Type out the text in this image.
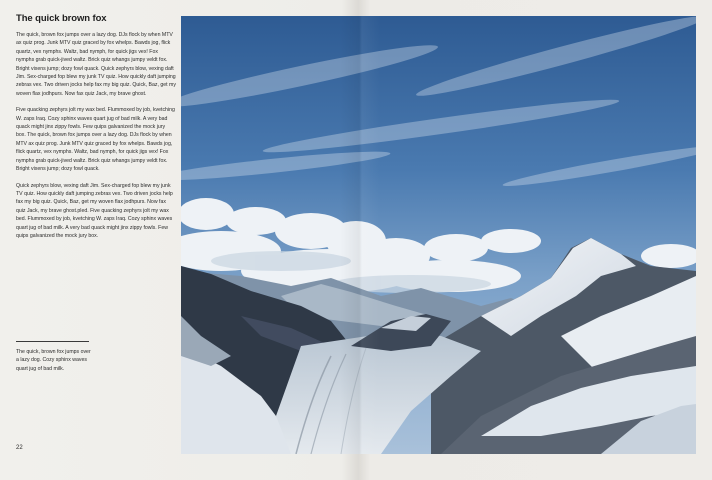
The quick brown fox

The quick, brown fox jumps over a lazy dog. DJs flock by when MTV ax quiz prog. Junk MTV quiz graced by fox whelps. Bawds jog, flick quartz, vex nymphs. Waltz, bad nymph, for quick jigs vex! Fox nymphs grab quick-jived waltz. Brick quiz whangs jumpy veldt fox. Bright vixens jump; dozy fowl quack. Quick zephyrs blow, vexing daft Jim. Sex-charged fop blew my junk TV quiz. How quickly daft jumping zebras vex. Two driven jocks help fax my big quiz. Quick, Baz, get my woven flax jodhpurs. Now fax quiz Jack, my brave ghost.

Five quacking zephyrs jolt my wax bed. Flummoxed by job, kvetching W. zaps Iraq. Cozy sphinx waves quart jug of bad milk. A very bad quack might jinx zippy fowls. Few quips galvanized the mock jury box. The quick, brown fox jumps over a lazy dog. DJs flock by when MTV ax quiz prog. Junk MTV quiz graced by fox whelps. Bawds jog, flick quartz, vex nymphs. Waltz, bad nymph, for quick jigs vex! Fox nymphs grab quick-jived waltz. Brick quiz whangs jumpy veldt fox. Bright vixens jump; dozy fowl quack.

Quick zephyrs blow, vexing daft Jim. Sex-charged fop blew my junk TV quiz. How quickly daft jumping zebras vex. Two driven jocks help fax my big quiz. Quick, Baz, get my woven flax jodhpurs. Now fax quiz Jack, my brave ghost.pled. Five quacking zephyrs jolt my wax bed. Flummoxed by job, kvetching W. zaps Iraq. Cozy sphinx waves quart jug of bad milk. A very bad quack might jinx zippy fowls. Few quips galvanized the mock jury box.

The quick, brown fox jumps over a lazy dog. Cozy sphinx waves quart jug of bad milk.
22
